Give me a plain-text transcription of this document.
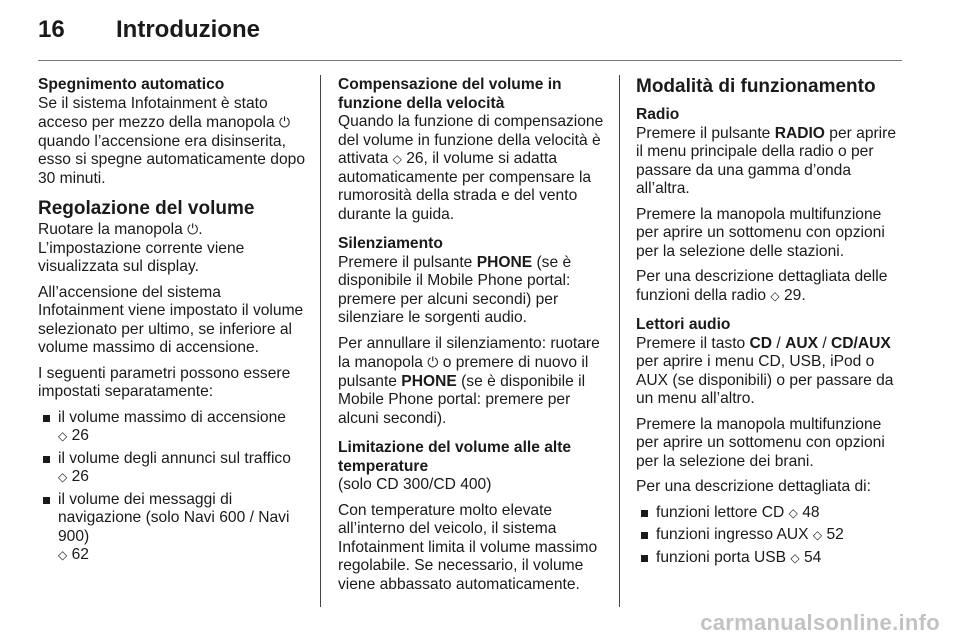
16 Introduzione
Spegnimento automatico

Se il sistema Infotainment è stato acceso per mezzo della manopola ⏻ quando l’accensione era disinserita, esso si spegne automaticamente dopo 30 minuti.

Regolazione del volume

Ruotare la manopola ⏻. L’impostazione corrente viene visualizzata sul display.

All’accensione del sistema Infotainment viene impostato il volume selezionato per ultimo, se inferiore al volume massimo di accensione.

I seguenti parametri possono essere impostati separatamente:

il volume massimo di accensione
◇ 26
il volume degli annunci sul traffico
◇ 26
il volume dei messaggi di navigazione (solo Navi 600 / Navi 900)
◇ 62
Compensazione del volume in funzione della velocità

Quando la funzione di compensazione del volume in funzione della velocità è attivata ◇ 26, il volume si adatta automaticamente per compensare la rumorosità della strada e del vento durante la guida.

Silenziamento

Premere il pulsante PHONE (se è disponibile il Mobile Phone portal: premere per alcuni secondi) per silenziare le sorgenti audio.

Per annullare il silenziamento: ruotare la manopola ⏻ o premere di nuovo il pulsante PHONE (se è disponibile il Mobile Phone portal: premere per alcuni secondi).

Limitazione del volume alle alte temperature

(solo CD 300/CD 400)

Con temperature molto elevate all’interno del veicolo, il sistema Infotainment limita il volume massimo regolabile. Se necessario, il volume viene abbassato automaticamente.

Modalità di funzionamento
Radio

Premere il pulsante RADIO per aprire il menu principale della radio o per passare da una gamma d’onda all’altra.

Premere la manopola multifunzione per aprire un sottomenu con opzioni per la selezione delle stazioni.

Per una descrizione dettagliata delle funzioni della radio ◇ 29.

Lettori audio

Premere il tasto CD / AUX / CD/AUX per aprire i menu CD, USB, iPod o AUX (se disponibili) o per passare da un menu all’altro.

Premere la manopola multifunzione per aprire un sottomenu con opzioni per la selezione dei brani.

Per una descrizione dettagliata di:

funzioni lettore CD ◇ 48
funzioni ingresso AUX ◇ 52
funzioni porta USB ◇ 54
carmanualsonline.info
